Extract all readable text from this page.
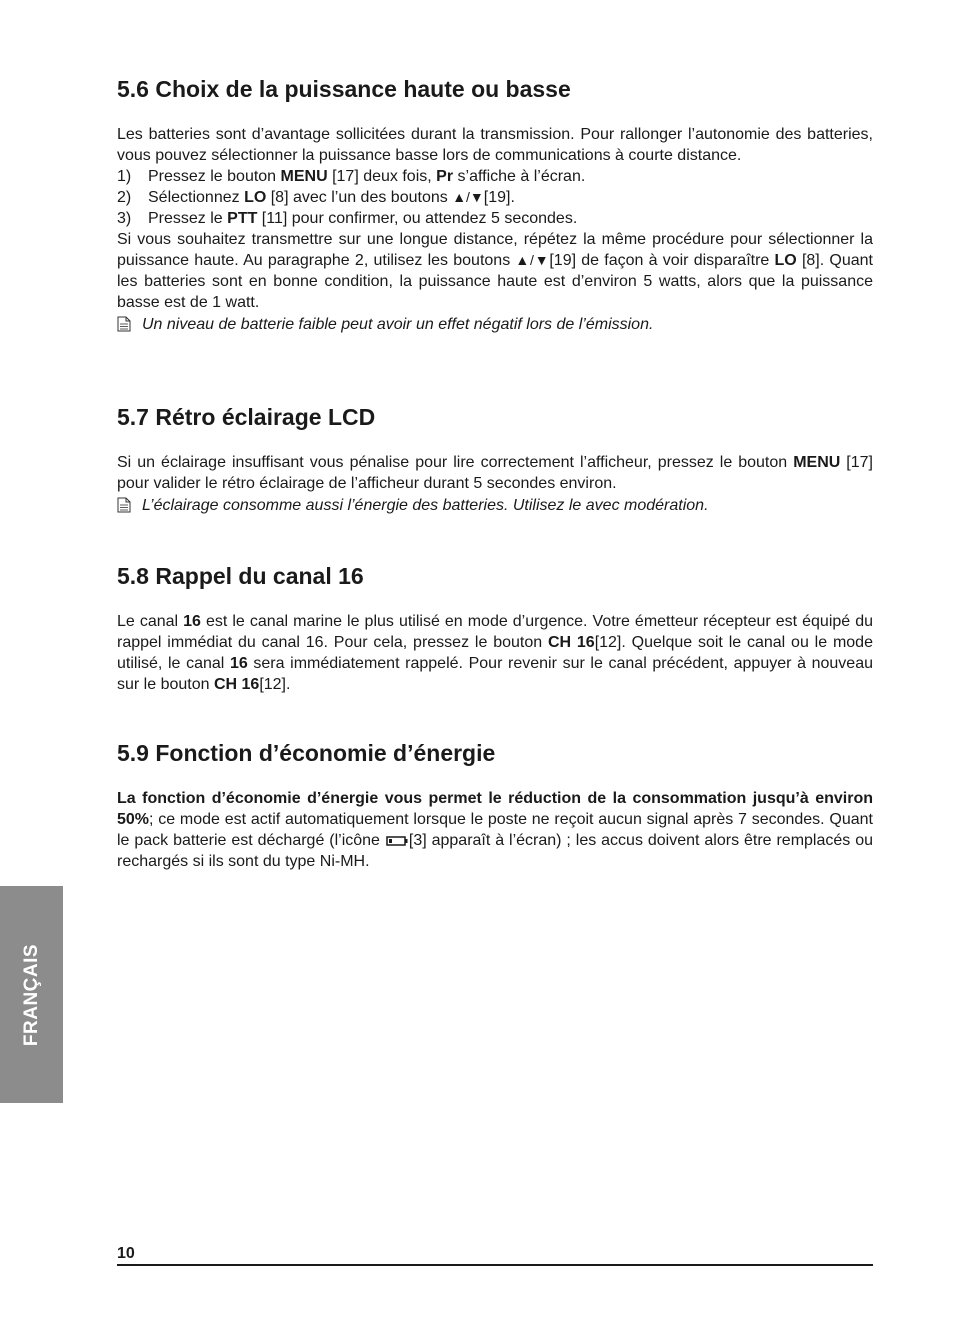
5.6 Choix de la puissance haute ou basse

Les batteries sont d’avantage sollicitées durant la transmission. Pour rallonger l’autonomie des batteries, vous pouvez sélectionner la puissance basse lors de communications à courte distance.

1)	Pressez le bouton MENU [17] deux fois, Pr s’affiche à l’écran.
2)	Sélectionnez LO [8] avec l’un des boutons ▲/▼[19].
3)	Pressez le PTT [11] pour confirmer, ou attendez 5 secondes.

Si vous souhaitez transmettre sur une longue distance, répétez la même procédure pour sélectionner la puissance haute. Au paragraphe 2, utilisez les boutons ▲/▼[19] de façon à voir disparaître LO [8]. Quant les batteries sont en bonne condition, la puissance haute est d’environ 5 watts, alors que la puissance basse est de 1 watt.

Un niveau de batterie faible peut avoir un effet négatif lors de l’émission.
5.7 Rétro éclairage LCD

Si un éclairage insuffisant vous pénalise pour lire correctement l’afficheur, pressez le bouton MENU [17] pour valider le rétro éclairage de l’afficheur durant 5 secondes environ.

L’éclairage consomme aussi l’énergie des batteries. Utilisez le avec modération.
5.8 Rappel du canal 16

Le canal 16 est le canal marine le plus utilisé en mode d’urgence. Votre émetteur récepteur est équipé du rappel immédiat du canal 16. Pour cela, pressez le bouton CH 16[12]. Quelque soit le canal ou le mode utilisé, le canal 16 sera immédiatement rappelé. Pour revenir sur le canal précédent, appuyer à nouveau sur le bouton CH 16[12].

5.9 Fonction d’économie d’énergie

La fonction d’économie d’énergie vous permet le réduction de la consommation jusqu’à environ 50%; ce mode est actif automatiquement lorsque le poste ne reçoit aucun signal après 7 secondes. Quant le pack batterie est déchargé (l’icône [3] apparaît à l’écran) ; les accus doivent alors être remplacés ou rechargés si ils sont du type Ni-MH.

FRANÇAIS
10
